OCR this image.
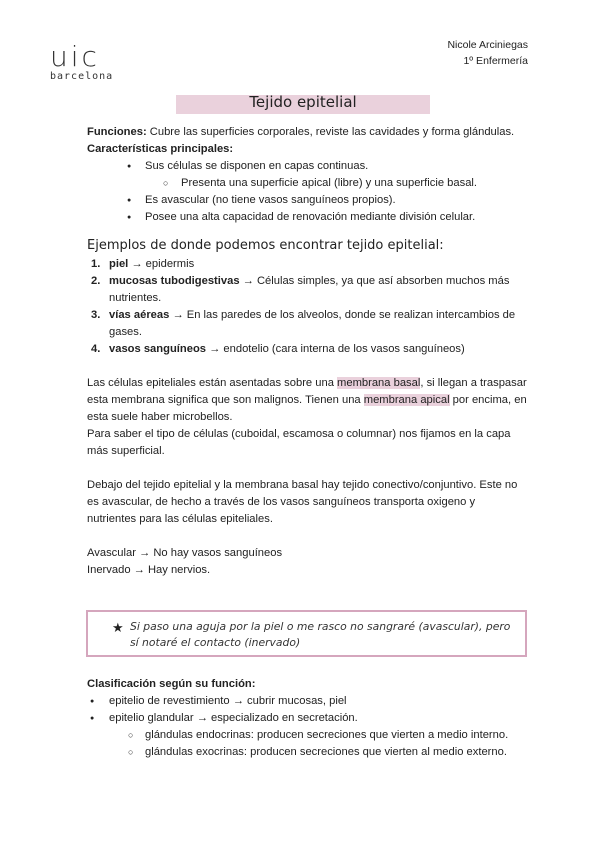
uic
barcelona
Nicole Arciniegas
1º Enfermería
Tejido epitelial

Funciones: Cubre las superficies corporales, reviste las cavidades y forma glándulas.

Características principales:

● Sus células se disponen en capas continuas.
○ Presenta una superficie apical (libre) y una superficie basal.
● Es avascular (no tiene vasos sanguíneos propios).
● Posee una alta capacidad de renovación mediante división celular.
Ejemplos de donde podemos encontrar tejido epitelial:
1. piel → epidermis
2. mucosas tubodigestivas → Células simples, ya que así absorben muchos más nutrientes.
3. vías aéreas → En las paredes de los alveolos, donde se realizan intercambios de gases.
4. vasos sanguíneos → endotelio (cara interna de los vasos sanguíneos)

Las células epiteliales están asentadas sobre una membrana basal, si llegan a traspasar esta membrana significa que son malignos. Tienen una membrana apical por encima, en esta suele haber microbellos.

Para saber el tipo de células (cuboidal, escamosa o columnar) nos fijamos en la capa más superficial.

Debajo del tejido epitelial y la membrana basal hay tejido conectivo/conjuntivo. Este no es avascular, de hecho a través de los vasos sanguíneos transporta oxigeno y nutrientes para las células epiteliales.

Avascular → No hay vasos sanguíneos

Inervado → Hay nervios.

★ Si paso una aguja por la piel o me rasco no sangraré (avascular), pero sí notaré el contacto (inervado)

Clasificación según su función:

● epitelio de revestimiento → cubrir mucosas, piel
● epitelio glandular → especializado en secretación.
○ glándulas endocrinas: producen secreciones que vierten a medio interno.
○ glándulas exocrinas: producen secreciones que vierten al medio externo.
